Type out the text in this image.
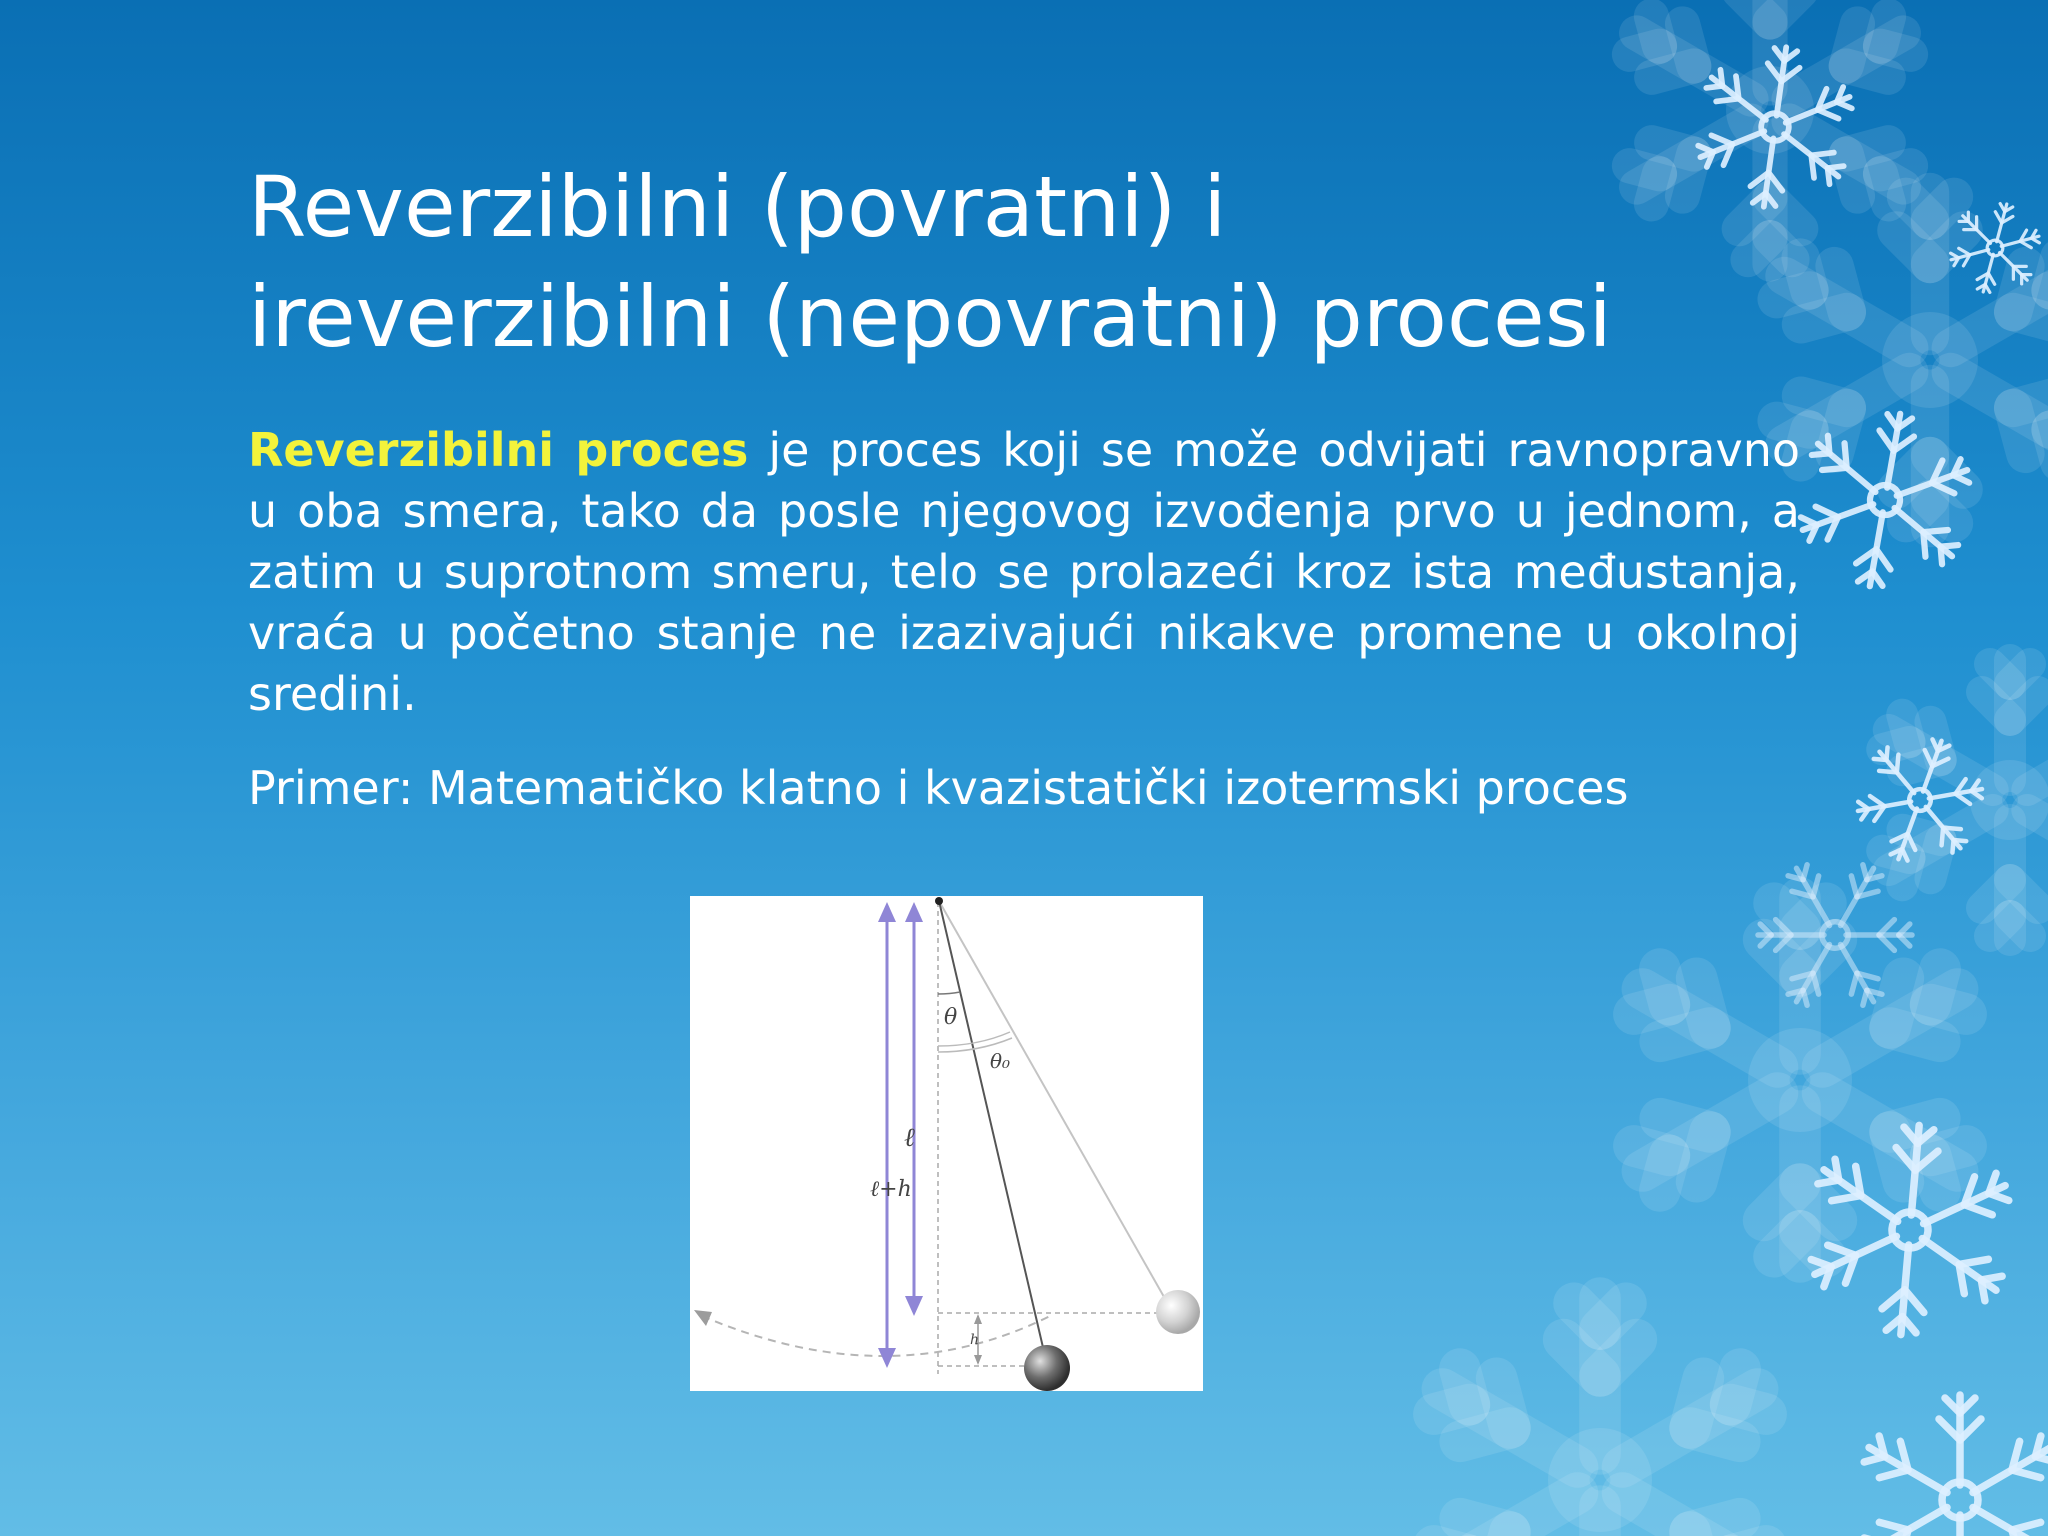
Reverzibilni (povratni) i
ireverzibilni (nepovratni) procesi

Reverzibilni proces je proces koji se može odvijati ravnopravno u oba smera, tako da posle njegovog izvođenja prvo u jednom, a zatim u suprotnom smeru, telo se prolazeći kroz ista međustanja, vraća u početno stanje ne izazivajući nikakve promene u okolnoj sredini.

Primer: Matematičko klatno i kvazistatički izotermski proces

θ
θ₀
ℓ
ℓ+h
h
